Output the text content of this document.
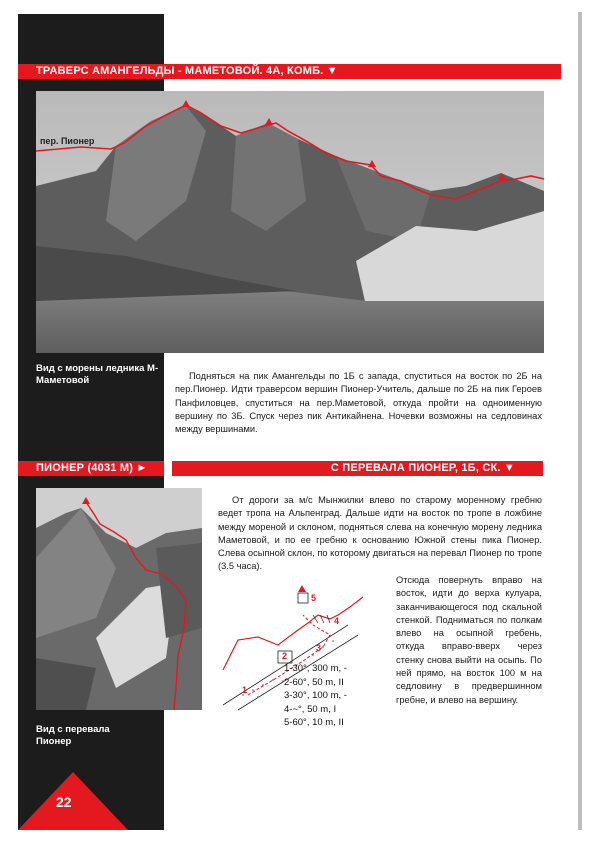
ТРАВЕРС АМАНГЕЛЬДЫ - МАМЕТОВОЙ. 4А, КОМБ. ▼
пер. Пионер
Вид с морены ледника М-Маметовой	Подняться на пик Амангельды по 1Б с запада, спуститься на восток по 2Б на пер.Пионер. Идти траверсом вершин Пионер-Учитель, дальше по 2Б на пик Героев Панфиловцев, спуститься на пер.Маметовой, откуда пройти на одноименную вершину по 3Б. Спуск через пик Антикайнена. Ночевки возможны на седловинах между вершинами.

ПИОНЕР (4031 М) ►	С ПЕРЕВАЛА ПИОНЕР, 1Б, СК. ▼
Вид с перевала Пионер

От дороги за м/с Мынжилки влево по старому моренному гребню ведет тропа на Альпенград. Дальше идти на восток по тропе в ложбине между мореной и склоном, подняться слева на конечную морену ледника Маметовой, и по ее гребню к основанию Южной стены пика Пионер. Слева осыпной склон, по которому двигаться на перевал Пионер по тропе (3.5 часа).

5
4
3
2
1
1-30°, 300 m, -
2-60°, 50 m, II
3-30°, 100 m, -
4-~°, 50 m, I
5-60°, 10 m, II

Отсюда повернуть вправо на восток, идти до верха кулуара, заканчивающегося под скальной стенкой. Подниматься по полкам влево на осыпной гребень, откуда вправо-вверх через стенку снова выйти на осыпь. По ней прямо, на восток 100 м на седловину в предвершинном гребне, и влево на вершину.

22
